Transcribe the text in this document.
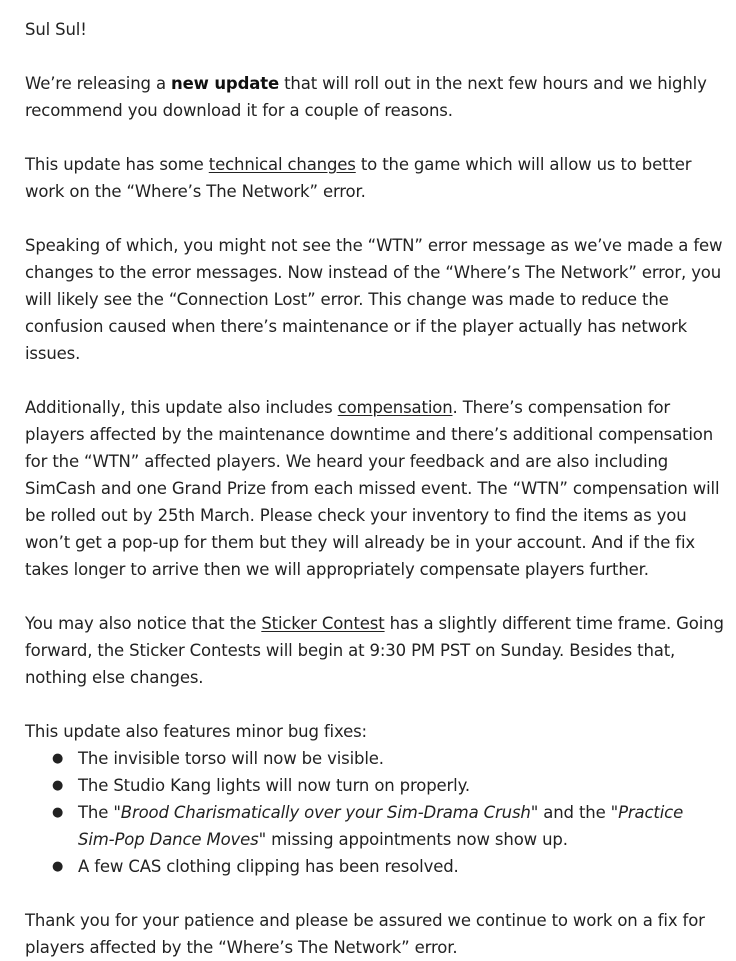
Sul Sul!

We’re releasing a new update that will roll out in the next few hours and we highly recommend you download it for a couple of reasons.

This update has some technical changes to the game which will allow us to better work on the “Where’s The Network” error.

Speaking of which, you might not see the “WTN” error message as we’ve made a few changes to the error messages. Now instead of the “Where’s The Network” error, you will likely see the “Connection Lost” error. This change was made to reduce the confusion caused when there’s maintenance or if the player actually has network issues.

Additionally, this update also includes compensation. There’s compensation for players affected by the maintenance downtime and there’s additional compensation for the “WTN” affected players. We heard your feedback and are also including SimCash and one Grand Prize from each missed event. The “WTN” compensation will be rolled out by 25th March. Please check your inventory to find the items as you won’t get a pop-up for them but they will already be in your account. And if the fix takes longer to arrive then we will appropriately compensate players further.

You may also notice that the Sticker Contest has a slightly different time frame. Going forward, the Sticker Contests will begin at 9:30 PM PST on Sunday. Besides that, nothing else changes.

This update also features minor bug fixes:

● The invisible torso will now be visible.
● The Studio Kang lights will now turn on properly.
● The "Brood Charismatically over your Sim-Drama Crush" and the "Practice Sim-Pop Dance Moves" missing appointments now show up.
● A few CAS clothing clipping has been resolved.

Thank you for your patience and please be assured we continue to work on a fix for players affected by the “Where’s The Network” error.
